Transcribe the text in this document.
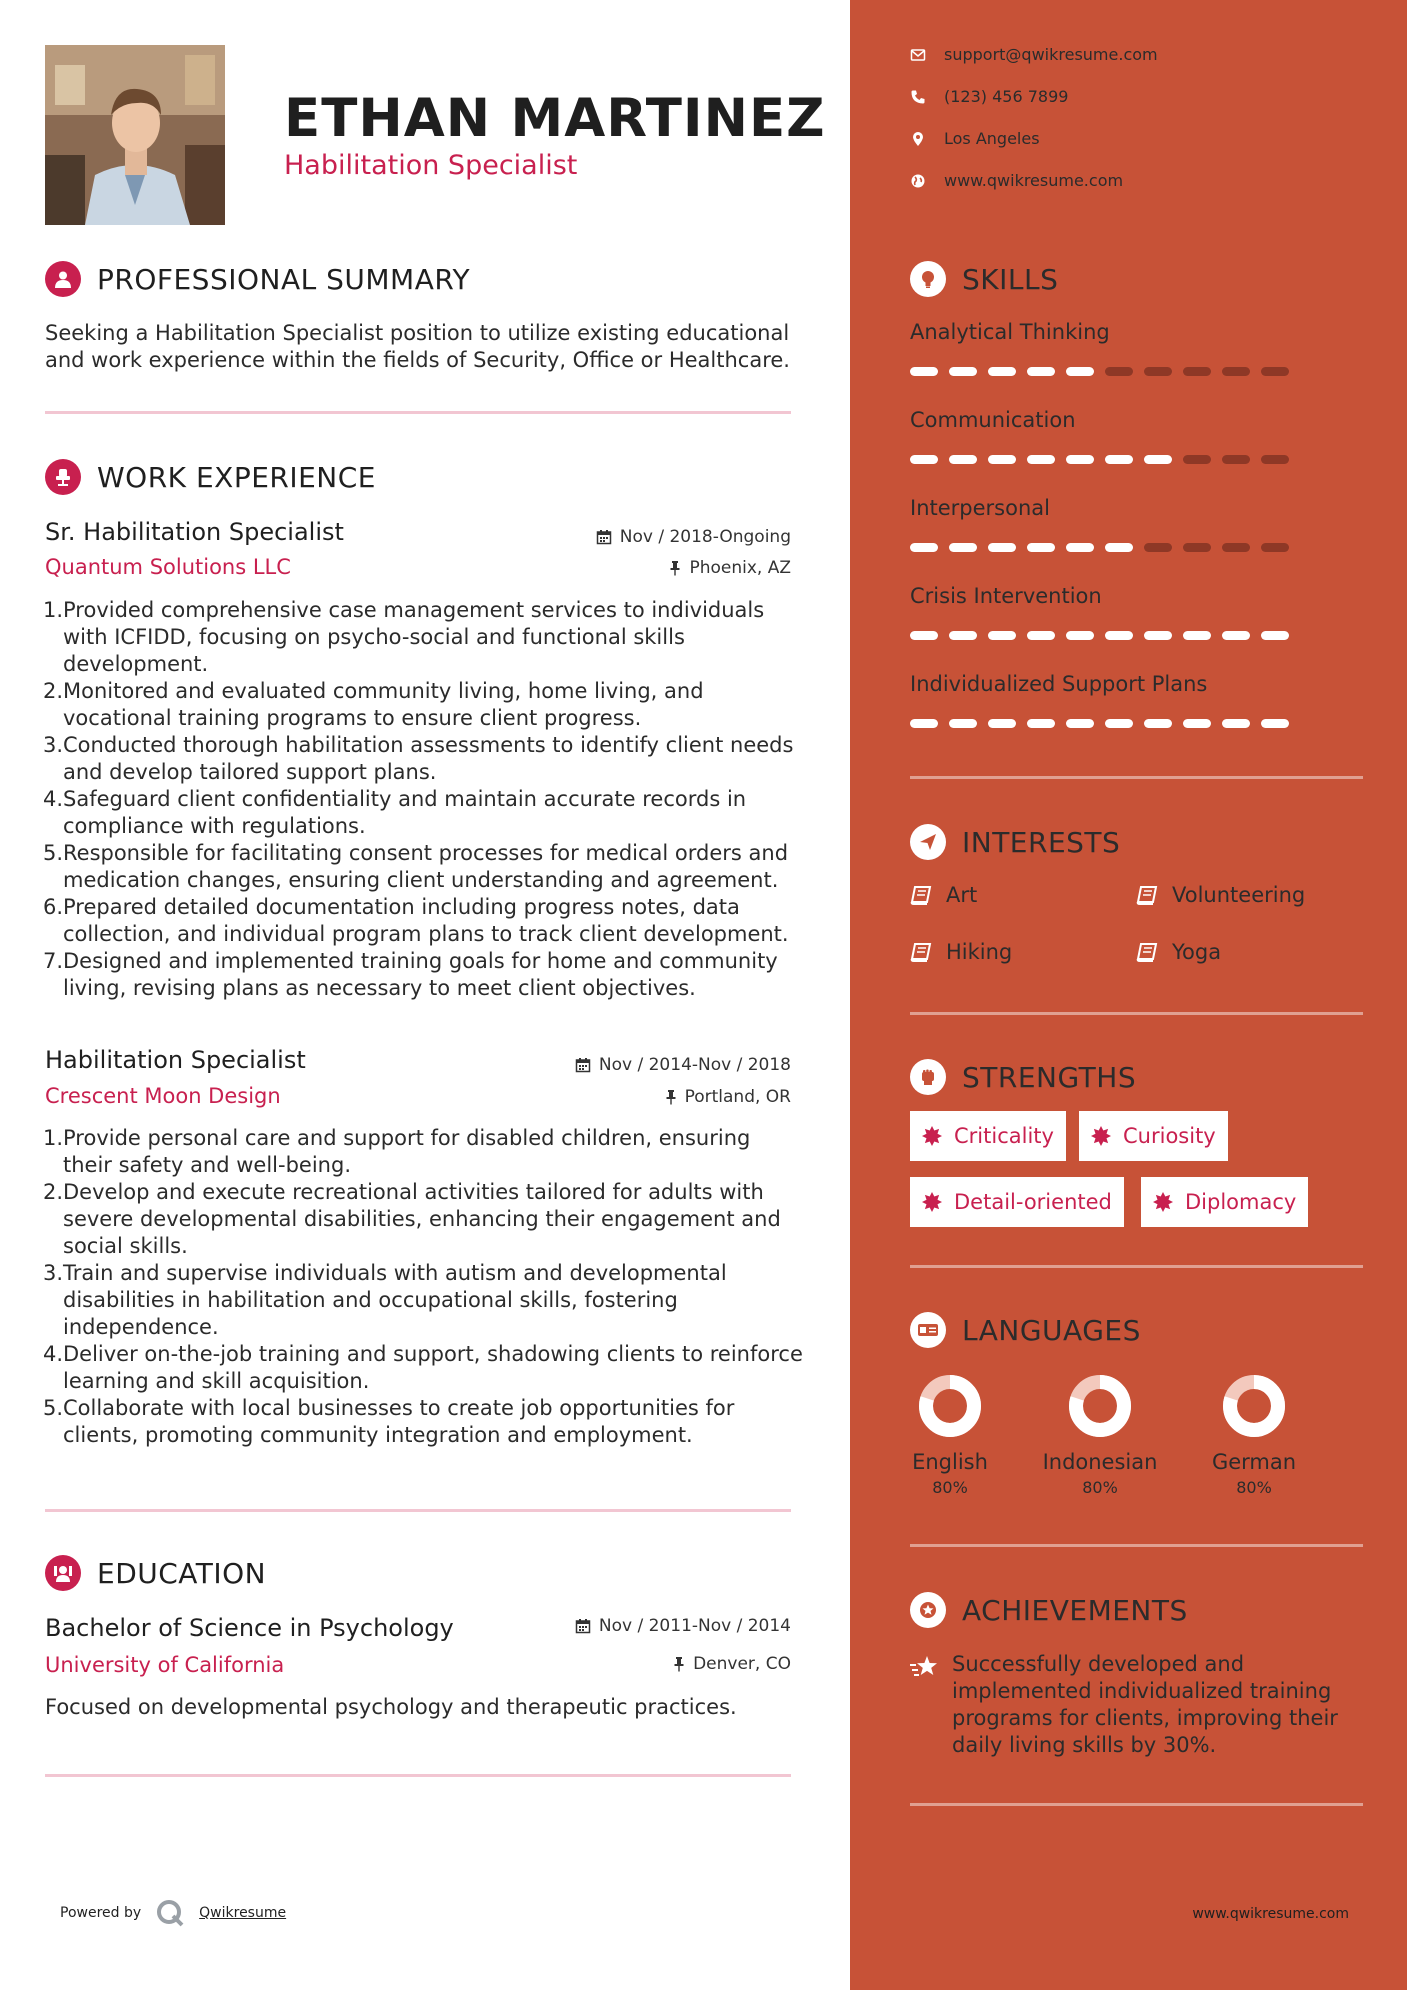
ETHAN MARTINEZ
Habilitation Specialist
PROFESSIONAL SUMMARY
Seeking a Habilitation Specialist position to utilize existing educational and work experience within the fields of Security, Office or Healthcare.
WORK EXPERIENCE
Sr. Habilitation Specialist
Quantum Solutions LLC
Nov / 2018-Ongoing
Phoenix, AZ
Provided comprehensive case management services to individuals with ICFIDD, focusing on psycho-social and functional skills development.
Monitored and evaluated community living, home living, and vocational training programs to ensure client progress.
Conducted thorough habilitation assessments to identify client needs and develop tailored support plans.
Safeguard client confidentiality and maintain accurate records in compliance with regulations.
Responsible for facilitating consent processes for medical orders and medication changes, ensuring client understanding and agreement.
Prepared detailed documentation including progress notes, data collection, and individual program plans to track client development.
Designed and implemented training goals for home and community living, revising plans as necessary to meet client objectives.
Habilitation Specialist
Crescent Moon Design
Nov / 2014-Nov / 2018
Portland, OR
Provide personal care and support for disabled children, ensuring their safety and well-being.
Develop and execute recreational activities tailored for adults with severe developmental disabilities, enhancing their engagement and social skills.
Train and supervise individuals with autism and developmental disabilities in habilitation and occupational skills, fostering independence.
Deliver on-the-job training and support, shadowing clients to reinforce learning and skill acquisition.
Collaborate with local businesses to create job opportunities for clients, promoting community integration and employment.
EDUCATION
Bachelor of Science in Psychology
University of California
Nov / 2011-Nov / 2014
Denver, CO
Focused on developmental psychology and therapeutic practices.
Powered by	Qwikresume
support@qwikresume.com
(123) 456 7899
Los Angeles
www.qwikresume.com
SKILLS
Analytical Thinking
Communication
Interpersonal
Crisis Intervention
Individualized Support Plans
INTERESTS
Art	Volunteering
Hiking	Yoga
STRENGTHS
Criticality	Curiosity
Detail-oriented	Diplomacy
LANGUAGES
English
80%
Indonesian
80%
German
80%
ACHIEVEMENTS
Successfully developed and implemented individualized training programs for clients, improving their daily living skills by 30%.
www.qwikresume.com
